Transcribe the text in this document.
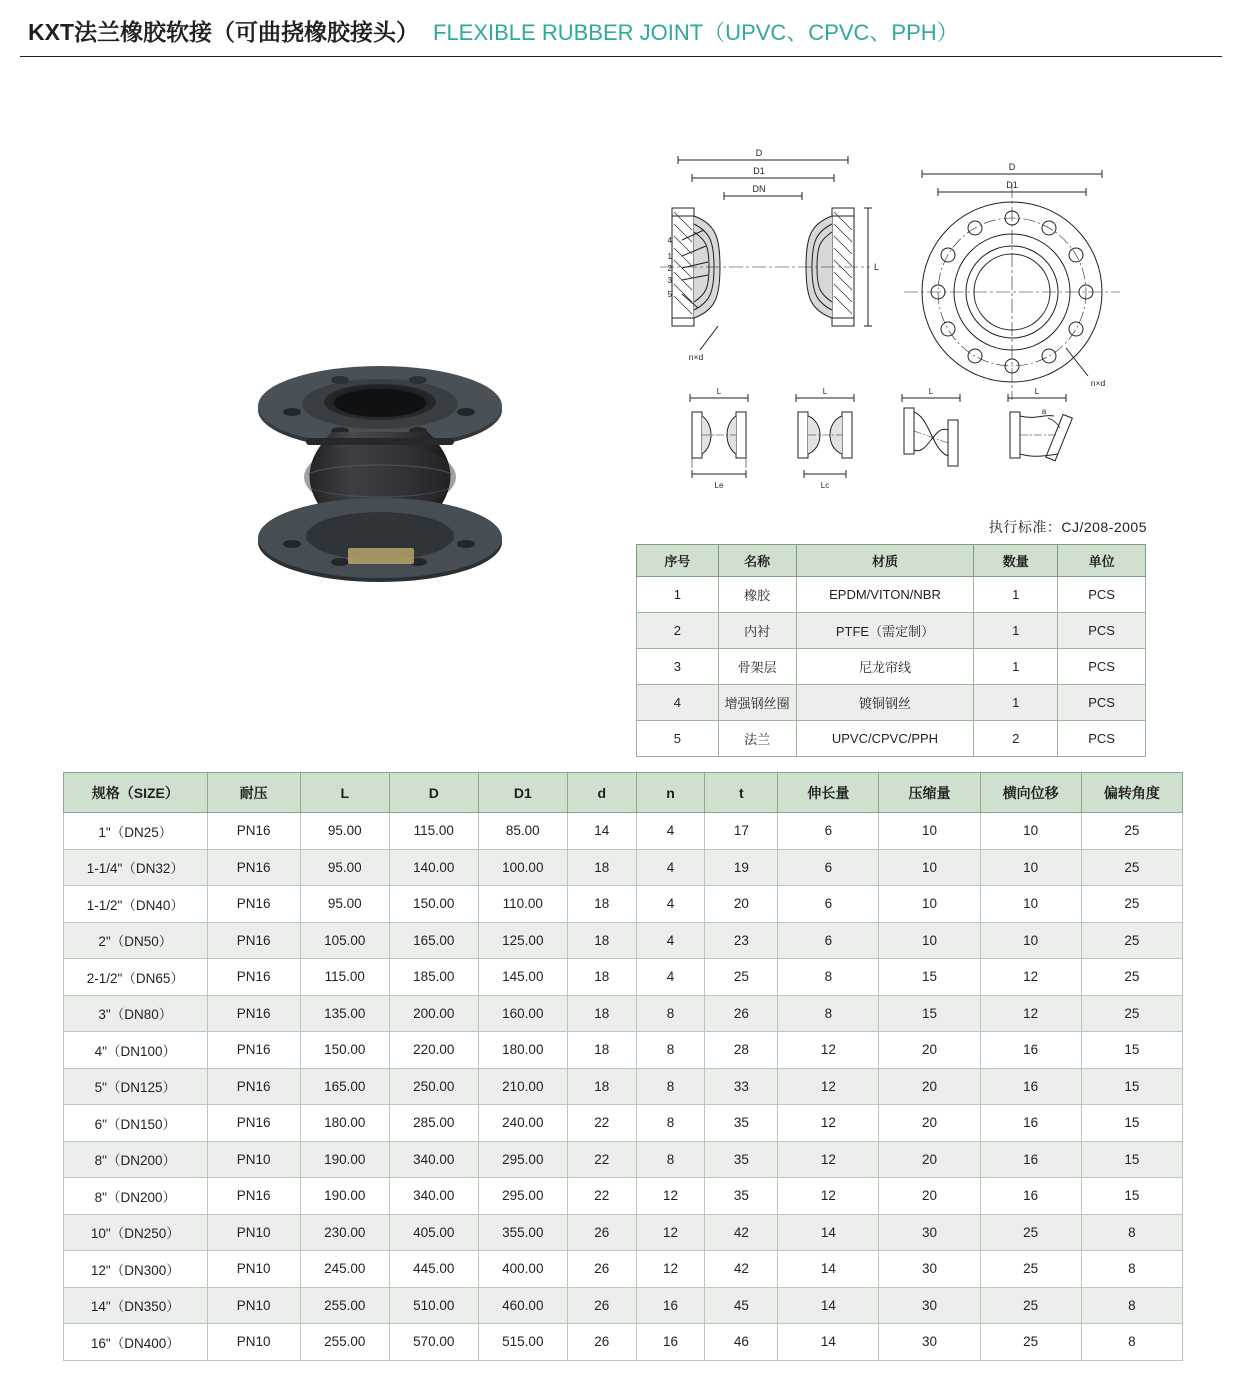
KXT法兰橡胶软接（可曲挠橡胶接头） FLEXIBLE RUBBER JOINT（UPVC、CPVC、PPH）
D
D1
DN
4
1
2
3
5
L
n×d
D
D1
n×d
L
Le
L
Lc
L	L
a
执行标准：CJ/208-2005
序号	名称	材质	数量	单位
1	橡胶	EPDM/VITON/NBR	1	PCS
2	内衬	PTFE（需定制）	1	PCS
3	骨架层	尼龙帘线	1	PCS
4	增强钢丝圈	镀铜钢丝	1	PCS
5	法兰	UPVC/CPVC/PPH	2	PCS
规格（SIZE）	耐压	L	D	D1	d	n	t	伸长量	压缩量	横向位移	偏转角度
1"（DN25）	PN16	95.00	115.00	85.00	14	4	17	6	10	10	25
1-1/4"（DN32）	PN16	95.00	140.00	100.00	18	4	19	6	10	10	25
1-1/2"（DN40）	PN16	95.00	150.00	110.00	18	4	20	6	10	10	25
2"（DN50）	PN16	105.00	165.00	125.00	18	4	23	6	10	10	25
2-1/2"（DN65）	PN16	115.00	185.00	145.00	18	4	25	8	15	12	25
3"（DN80）	PN16	135.00	200.00	160.00	18	8	26	8	15	12	25
4"（DN100）	PN16	150.00	220.00	180.00	18	8	28	12	20	16	15
5"（DN125）	PN16	165.00	250.00	210.00	18	8	33	12	20	16	15
6"（DN150）	PN16	180.00	285.00	240.00	22	8	35	12	20	16	15
8"（DN200）	PN10	190.00	340.00	295.00	22	8	35	12	20	16	15
8"（DN200）	PN16	190.00	340.00	295.00	22	12	35	12	20	16	15
10"（DN250）	PN10	230.00	405.00	355.00	26	12	42	14	30	25	8
12"（DN300）	PN10	245.00	445.00	400.00	26	12	42	14	30	25	8
14"（DN350）	PN10	255.00	510.00	460.00	26	16	45	14	30	25	8
16"（DN400）	PN10	255.00	570.00	515.00	26	16	46	14	30	25	8
